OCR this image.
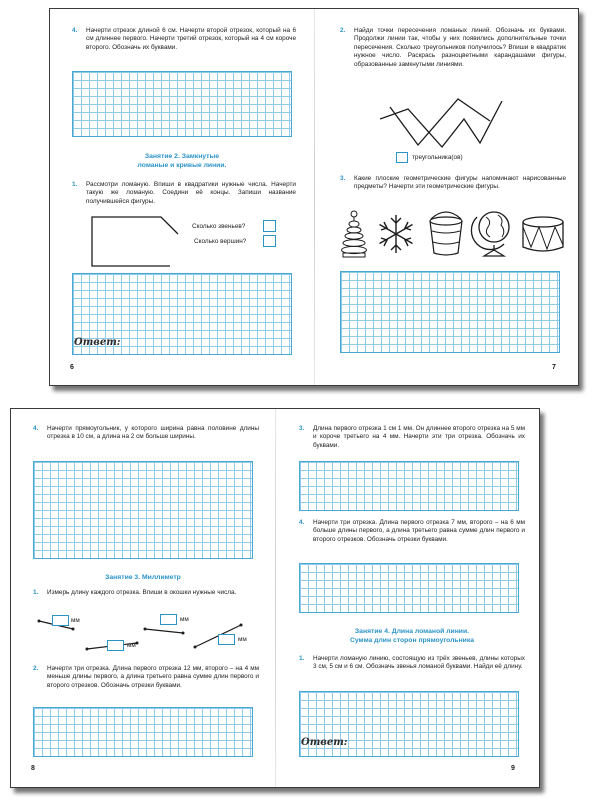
4. Начерти отрезок длиной 6 см. Начерти второй отрезок, который на 6 см длиннее первого. Начерти третий отрезок, который на 4 см короче второго. Обозначь их буквами.
Занятие 2. Замкнутые
ломаные и кривые линии.
1. Рассмотри ломаную. Впиши в квадратики нужные числа. Начерти такую же ломаную. Соедини её концы. Запиши название получившейся фигуры.
Сколько звеньев?
Сколько вершин?
Ответ:
6
2. Найди точки пересечения ломаных линий. Обозначь их буквами. Продолжи линии так, чтобы у них появились дополнительные точки пересечения. Сколько треугольников получилось? Впиши в квадратик нужное число. Раскрась разноцветными карандашами фигуры, образованные замкнутыми линиями.
треугольника(ов)
3. Какие плоские геометрические фигуры напоминают нарисованные предметы? Начерти эти геометрические фигуры.
7
4. Начерти прямоугольник, у которого ширина равна половине длины отрезка в 10 см, а длина на 2 см больше ширины.
Занятие 3. Миллиметр
1. Измерь длину каждого отрезка. Впиши в окошки нужные числа.
мм
мм
мм
мм
2. Начерти три отрезка. Длина первого отрезка 12 мм, второго – на 4 мм меньше длины первого, а длина третьего равна сумме длин первого и второго отрезков. Обозначь отрезки буквами.
8
3. Длина первого отрезка 1 см 1 мм. Он длиннее второго отрезка на 5 мм и короче третьего на 4 мм. Начерти эти три отрезка. Обозначь их буквами.
4. Начерти три отрезка. Длина первого отрезка 7 мм, второго – на 6 мм больше длины первого, а длина третьего равна сумме длин первого и второго отрезков. Обозначь отрезки буквами.
Занятие 4. Длина ломаной линии.
Сумма длин сторон прямоугольника
1. Начерти ломаную линию, состоящую из трёх звеньев, длины которых 3 см, 5 см и 6 см. Обозначь звенья ломаной буквами. Найди её длину.
Ответ:
9
